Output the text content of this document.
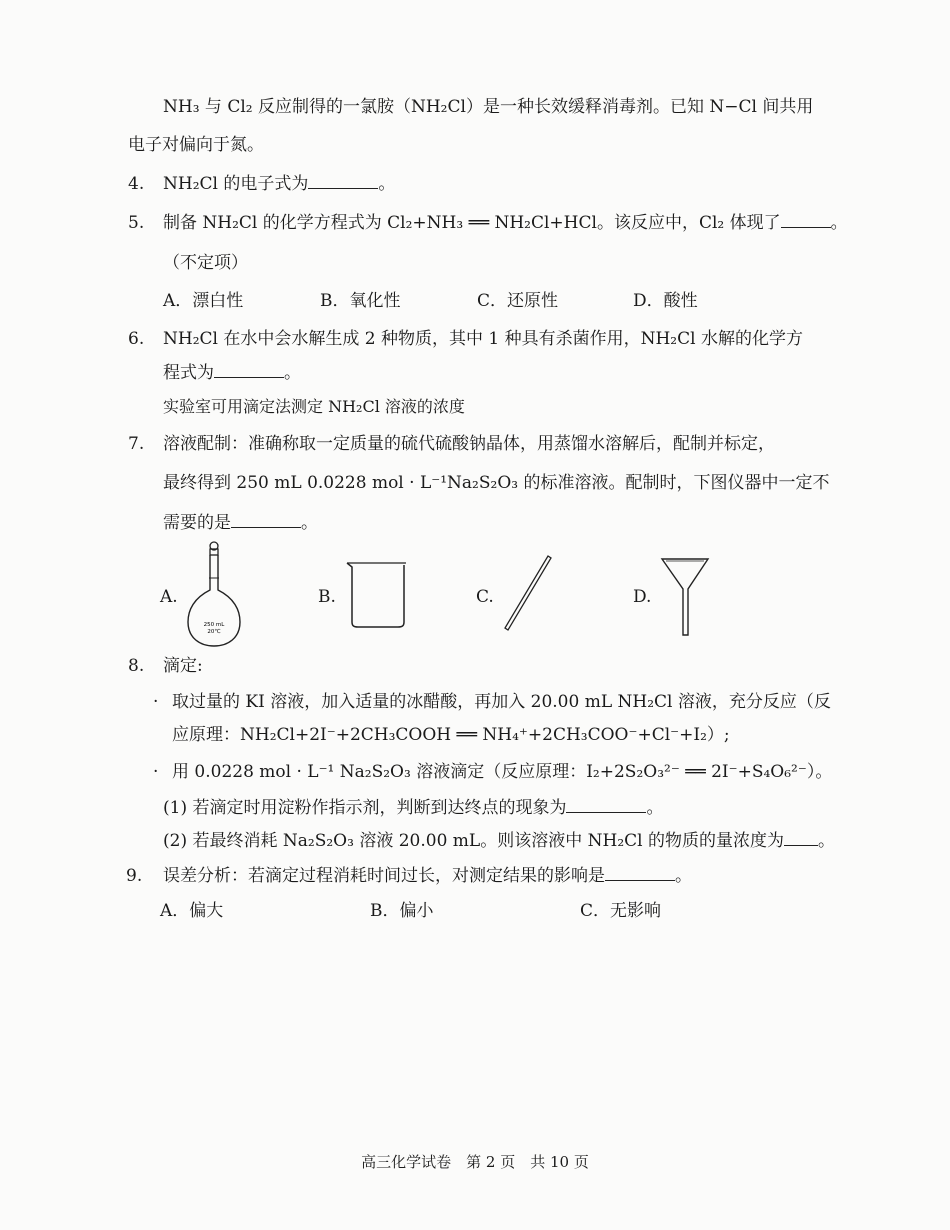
NH₃ 与 Cl₂ 反应制得的一氯胺（NH₂Cl）是一种长效缓释消毒剂。已知 N−Cl 间共用
电子对偏向于氮。
4. NH₂Cl 的电子式为	。
5. 制备 NH₂Cl 的化学方程式为 Cl₂+NH₃ ══ NH₂Cl+HCl。该反应中，Cl₂ 体现了	。
（不定项）
A．漂白性	B．氧化性	C．还原性	D．酸性
6. NH₂Cl 在水中会水解生成 2 种物质，其中 1 种具有杀菌作用，NH₂Cl 水解的化学方
程式为	。
实验室可用滴定法测定 NH₂Cl 溶液的浓度
7. 溶液配制：准确称取一定质量的硫代硫酸钠晶体，用蒸馏水溶解后，配制并标定，
最终得到 250 mL 0.0228 mol · L⁻¹Na₂S₂O₃ 的标准溶液。配制时，下图仪器中一定不
需要的是	。
A.
250 mL
20℃
B.	C.	D.
8. 滴定:
· 取过量的 KI 溶液，加入适量的冰醋酸，再加入 20.00 mL NH₂Cl 溶液，充分反应（反
应原理：NH₂Cl+2I⁻+2CH₃COOH ══ NH₄⁺+2CH₃COO⁻+Cl⁻+I₂）;
· 用 0.0228 mol · L⁻¹ Na₂S₂O₃ 溶液滴定（反应原理：I₂+2S₂O₃²⁻ ══ 2I⁻+S₄O₆²⁻）。
(1) 若滴定时用淀粉作指示剂，判断到达终点的现象为	。
(2) 若最终消耗 Na₂S₂O₃ 溶液 20.00 mL。则该溶液中 NH₂Cl 的物质的量浓度为 。
9. 误差分析：若滴定过程消耗时间过长，对测定结果的影响是	。
A．偏大	B．偏小	C．无影响
高三化学试卷　第 2 页　共 10 页
